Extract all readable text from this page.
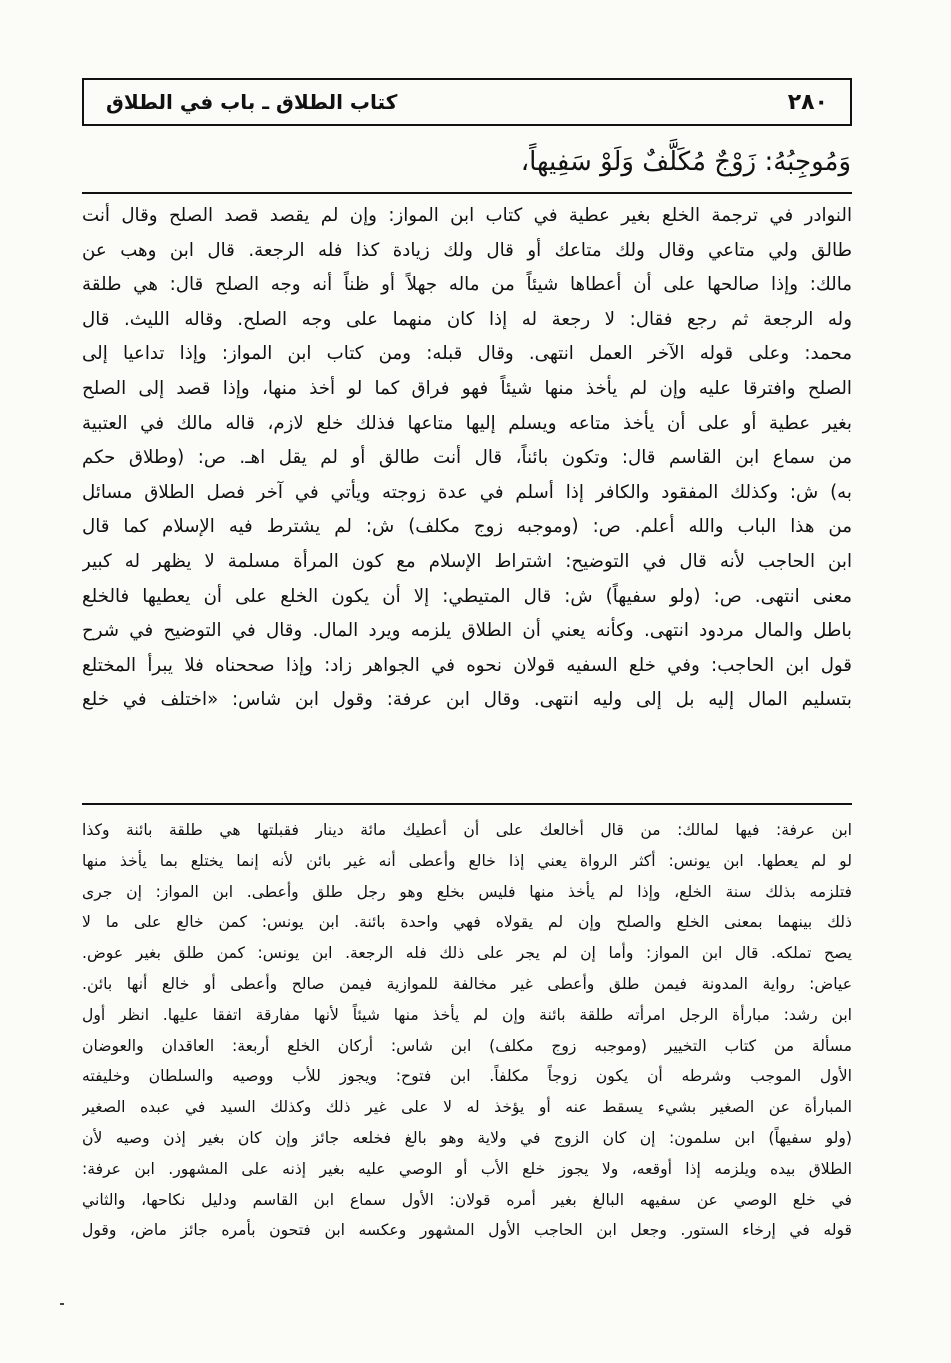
٢٨٠
كتاب الطلاق ـ باب في الطلاق
وَمُوجِبُهُ: زَوْجٌ مُكَلَّفٌ وَلَوْ سَفِيهاً،
النوادر في ترجمة الخلع بغير عطية في كتاب ابن المواز: وإن لم يقصد قصد الصلح وقال أنت
طالق ولي متاعي وقال ولك متاعك أو قال ولك زيادة كذا فله الرجعة. قال ابن وهب عن
مالك: وإذا صالحها على أن أعطاها شيئاً من ماله جهلاً أو ظناً أنه وجه الصلح قال: هي طلقة
وله الرجعة ثم رجع فقال: لا رجعة له إذا كان منهما على وجه الصلح. وقاله الليث. قال
محمد: وعلى قوله الآخر العمل انتهى. وقال قبله: ومن كتاب ابن المواز: وإذا تداعيا إلى
الصلح وافترقا عليه وإن لم يأخذ منها شيئاً فهو فراق كما لو أخذ منها، وإذا قصد إلى الصلح
بغير عطية أو على أن يأخذ متاعه ويسلم إليها متاعها فذلك خلع لازم، قاله مالك في العتبية
من سماع ابن القاسم قال: وتكون بائناً، قال أنت طالق أو لم يقل اهـ. ص: (وطلاق حكم
به) ش: وكذلك المفقود والكافر إذا أسلم في عدة زوجته ويأتي في آخر فصل الطلاق مسائل
من هذا الباب والله أعلم. ص: (وموجبه زوج مكلف) ش: لم يشترط فيه الإسلام كما قال
ابن الحاجب لأنه قال في التوضيح: اشتراط الإسلام مع كون المرأة مسلمة لا يظهر له كبير
معنى انتهى. ص: (ولو سفيهاً) ش: قال المتيطي: إلا أن يكون الخلع على أن يعطيها فالخلع
باطل والمال مردود انتهى. وكأنه يعني أن الطلاق يلزمه ويرد المال. وقال في التوضيح في شرح
قول ابن الحاجب: وفي خلع السفيه قولان نحوه في الجواهر زاد: وإذا صححناه فلا يبرأ المختلع
بتسليم المال إليه بل إلى وليه انتهى. وقال ابن عرفة: وقول ابن شاس: «اختلف في خلع
ابن عرفة: فيها لمالك: من قال أخالعك على أن أعطيك مائة دينار فقبلتها هي طلقة بائنة وكذا
لو لم يعطها. ابن يونس: أكثر الرواة يعني إذا خالع وأعطى أنه غير بائن لأنه إنما يختلع بما يأخذ منها
فتلزمه بذلك سنة الخلع، وإذا لم يأخذ منها فليس بخلع وهو رجل طلق وأعطى. ابن المواز: إن جرى
ذلك بينهما بمعنى الخلع والصلح وإن لم يقولاه فهي واحدة بائنة. ابن يونس: كمن خالع على ما لا
يصح تملكه. قال ابن المواز: وأما إن لم يجر على ذلك فله الرجعة. ابن يونس: كمن طلق بغير عوض.
عياض: رواية المدونة فيمن طلق وأعطى غير مخالفة للموازية فيمن صالح وأعطى أو خالع أنها بائن.
ابن رشد: مبارأة الرجل امرأته طلقة بائنة وإن لم يأخذ منها شيئاً لأنها مفارقة اتفقا عليها. انظر أول
مسألة من كتاب التخيير (وموجبه زوج مكلف) ابن شاس: أركان الخلع أربعة: العاقدان والعوضان
الأول الموجب وشرطه أن يكون زوجاً مكلفاً. ابن فتوح: ويجوز للأب ووصيه والسلطان وخليفته
المبارأة عن الصغير بشيء يسقط عنه أو يؤخذ له لا على غير ذلك وكذلك السيد في عبده الصغير
(ولو سفيهاً) ابن سلمون: إن كان الزوج في ولاية وهو بالغ فخلعه جائز وإن كان بغير إذن وصيه لأن
الطلاق بيده ويلزمه إذا أوقعه، ولا يجوز خلع الأب أو الوصي عليه بغير إذنه على المشهور. ابن عرفة:
في خلع الوصي عن سفيهه البالغ بغير أمره قولان: الأول سماع ابن القاسم ودليل نكاحها، والثاني
قوله في إرخاء الستور. وجعل ابن الحاجب الأول المشهور وعكسه ابن فتحون بأمره جائز ماض، وقول
